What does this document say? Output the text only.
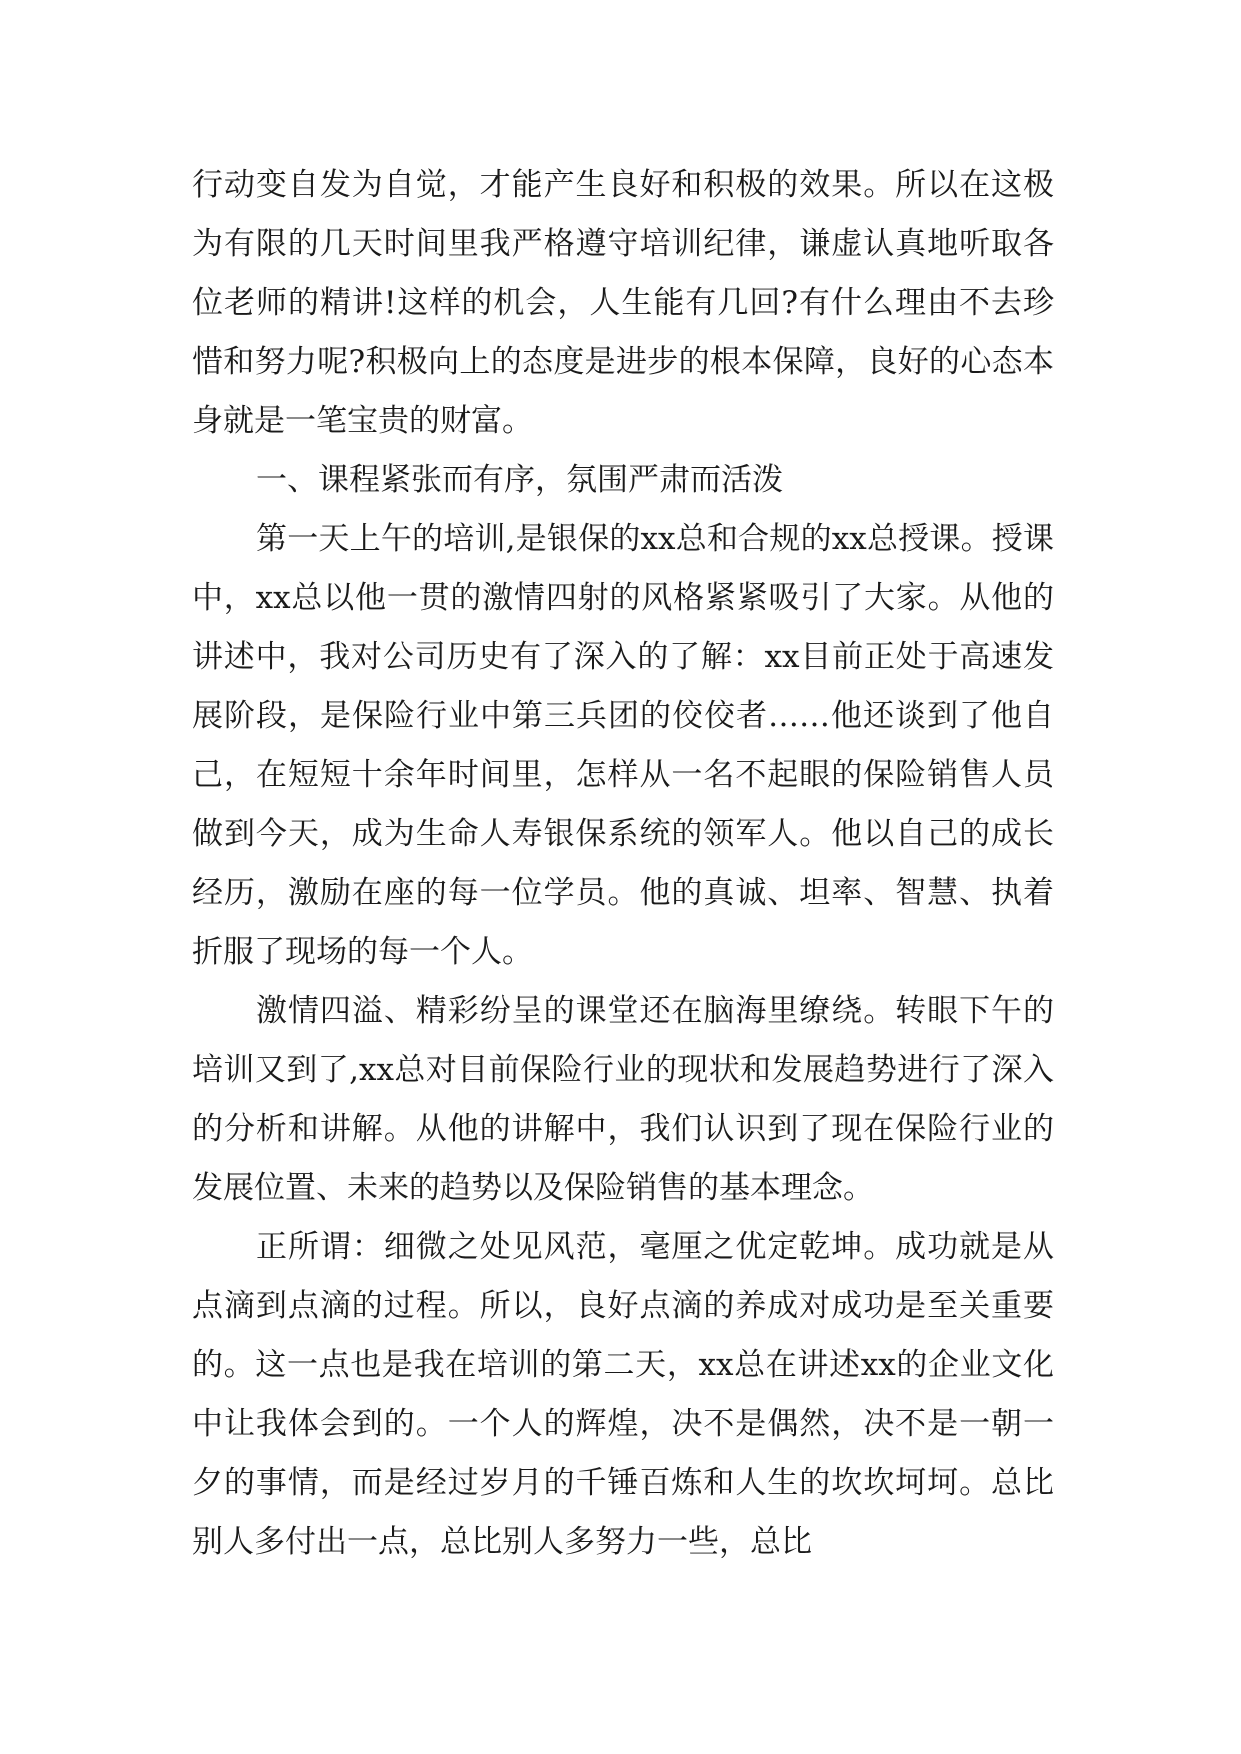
行动变自发为自觉，才能产生良好和积极的效果。所以在这极为有限的几天时间里我严格遵守培训纪律，谦虚认真地听取各位老师的精讲!这样的机会，人生能有几回?有什么理由不去珍惜和努力呢?积极向上的态度是进步的根本保障，良好的心态本身就是一笔宝贵的财富。

一、课程紧张而有序，氛围严肃而活泼

第一天上午的培训,是银保的xx总和合规的xx总授课。授课中，xx总以他一贯的激情四射的风格紧紧吸引了大家。从他的讲述中，我对公司历史有了深入的了解：xx目前正处于高速发展阶段，是保险行业中第三兵团的佼佼者……他还谈到了他自己，在短短十余年时间里，怎样从一名不起眼的保险销售人员做到今天，成为生命人寿银保系统的领军人。他以自己的成长经历，激励在座的每一位学员。他的真诚、坦率、智慧、执着折服了现场的每一个人。

激情四溢、精彩纷呈的课堂还在脑海里缭绕。转眼下午的培训又到了,xx总对目前保险行业的现状和发展趋势进行了深入的分析和讲解。从他的讲解中，我们认识到了现在保险行业的发展位置、未来的趋势以及保险销售的基本理念。

正所谓：细微之处见风范，毫厘之优定乾坤。成功就是从点滴到点滴的过程。所以，良好点滴的养成对成功是至关重要的。这一点也是我在培训的第二天，xx总在讲述xx的企业文化中让我体会到的。一个人的辉煌，决不是偶然，决不是一朝一夕的事情，而是经过岁月的千锤百炼和人生的坎坎坷坷。总比别人多付出一点，总比别人多努力一些，总比
